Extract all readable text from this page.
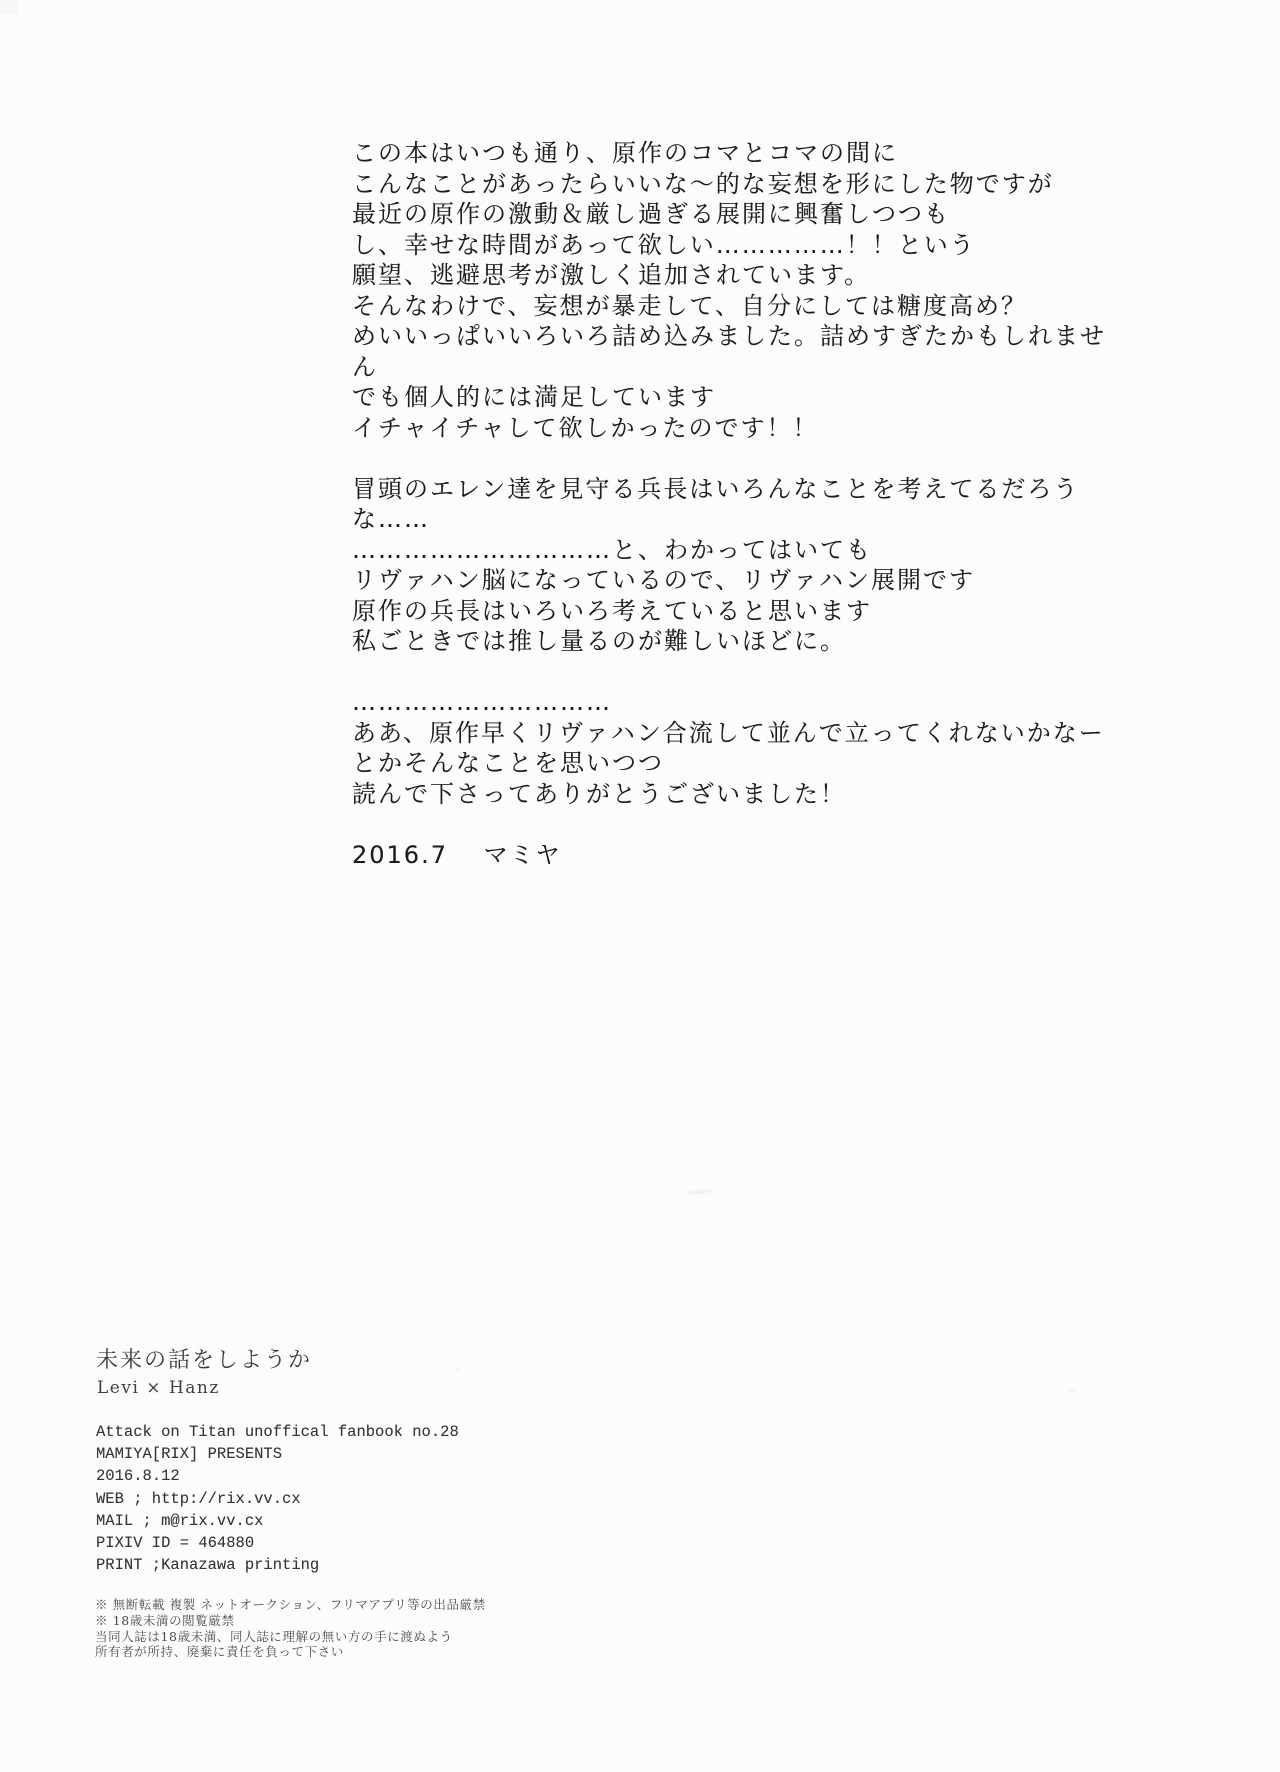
この本はいつも通り、原作のコマとコマの間に
こんなことがあったらいいな～的な妄想を形にした物ですが
最近の原作の激動＆厳し過ぎる展開に興奮しつつも
し、幸せな時間があって欲しい……………！！という
願望、逃避思考が激しく追加されています。
そんなわけで、妄想が暴走して、自分にしては糖度高め？
めいいっぱいいろいろ詰め込みました。詰めすぎたかもしれません
でも個人的には満足しています
イチャイチャして欲しかったのです！！

冒頭のエレン達を見守る兵長はいろんなことを考えてるだろうな……
…………………………と、わかってはいても
リヴァハン脳になっているので、リヴァハン展開です
原作の兵長はいろいろ考えていると思います
私ごときでは推し量るのが難しいほどに。

…………………………
ああ、原作早くリヴァハン合流して並んで立ってくれないかなー
とかそんなことを思いつつ
読んで下さってありがとうございました！

2016.7　 マミヤ
未来の話をしようか
Levi × Hanz
Attack on Titan unoffical fanbook no.28
MAMIYA[RIX] PRESENTS
2016.8.12
WEB ; http://rix.vv.cx
MAIL ; m@rix.vv.cx
PIXIV ID = 464880
PRINT ;Kanazawa printing
※ 無断転載 複製 ネットオークション、フリマアプリ等の出品厳禁
※ 18歳未満の閲覧厳禁
当同人誌は18歳未満、同人誌に理解の無い方の手に渡ぬよう
所有者が所持、廃棄に責任を負って下さい
